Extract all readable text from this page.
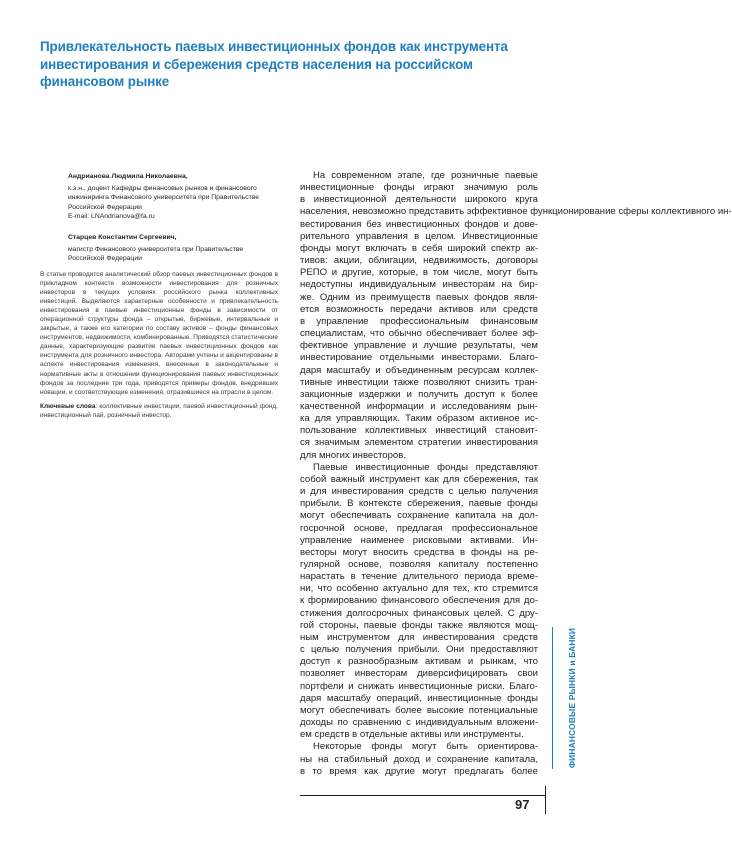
Привлекательность паевых инвестиционных фондов как инструмента инвестирования и сбережения средств населения на российском финансовом рынке
Андрианова Людмила Николаевна,
к.э.н., доцент Кафедры финансовых рынков и финансового
инжиниринга Финансового университета при Правительстве
Российской Федерации
E-mail: LNAndrianova@fa.ru
Старцев Константин Сергеевич,
магистр Финансового университета при Правительстве
Российской Федерации

В статье проводится аналитический обзор паевых инвестиционных фондов в прикладном контексте возможности инвестирования для розничных инвесторов в текущих условиях российского рынка коллективных инвестиций. Выделяются характерные особенности и привлекательность инвестирования в паевые инвестиционные фонды в зависимости от операционной структуры фонда – открытые, биржевые, интервальные и закрытые, а также его категории по составу активов – фонды финансовых инструментов, недвижимости, комбинированные. Приводятся статистические данные, характеризующие развитие паевых инвестиционных фондов как инструмента для розничного инвестора. Авторами учтены и акцентированы в аспекте инвестирования изменения, внесенные в законодательные и нормативные акты в отношении функционирования паевых инвестиционных фондов за последние три года, приводятся примеры фондов, внедривших новации, и соответствующие изменения, отразившиеся на отрасли в целом.

Ключевые слова: коллективные инвестиции, паевой инвестиционный фонд, инвестиционный пай, розничный инвестор.

На современном этапе, где розничные паевые
инвестиционные фонды играют значимую роль
в инвестиционной деятельности широкого круга
населения, невозможно представить эффективное функционирование сферы коллективного ин-
вестирования без инвестиционных фондов и дове-
рительного управления в целом. Инвестиционные
фонды могут включать в себя широкий спектр ак-
тивов: акции, облигации, недвижимость, договоры
РЕПО и другие, которые, в том числе, могут быть
недоступны индивидуальным инвесторам на бир-
же. Одним из преимуществ паевых фондов явля-
ется возможность передачи активов или средств
в управление профессиональным финансовым
специалистам, что обычно обеспечивает более эф-
фективное управление и лучшие результаты, чем
инвестирование отдельными инвесторами. Благо-
даря масштабу и объединенным ресурсам коллек-
тивные инвестиции также позволяют снизить тран-
закционные издержки и получить доступ к более
качественной информации и исследованиям рын-
ка для управляющих. Таким образом активное ис-
пользование коллективных инвестиций становит-
ся значимым элементом стратегии инвестирования
для многих инвесторов.

Паевые инвестиционные фонды представляют
собой важный инструмент как для сбережения, так
и для инвестирования средств с целью получения
прибыли. В контексте сбережения, паевые фонды
могут обеспечивать сохранение капитала на дол-
госрочной основе, предлагая профессиональное
управление наименее рисковыми активами. Ин-
весторы могут вносить средства в фонды на ре-
гулярной основе, позволяя капиталу постепенно
нарастать в течение длительного периода време-
ни, что особенно актуально для тех, кто стремится
к формированию финансового обеспечения для до-
стижения долгосрочных финансовых целей. С дру-
гой стороны, паевые фонды также являются мощ-
ным инструментом для инвестирования средств
с целью получения прибыли. Они предоставляют
доступ к разнообразным активам и рынкам, что
позволяет инвесторам диверсифицировать свои
портфели и снижать инвестиционные риски. Благо-
даря масштабу операций, инвестиционные фонды
могут обеспечивать более высокие потенциальные
доходы по сравнению с индивидуальным вложени-
ем средств в отдельные активы или инструменты.

Некоторые фонды могут быть ориентирова-
ны на стабильный доход и сохранение капитала,
в то время как другие могут предлагать более

ФИНАНСОВЫЕ РЫНКИ и БАНКИ
97
